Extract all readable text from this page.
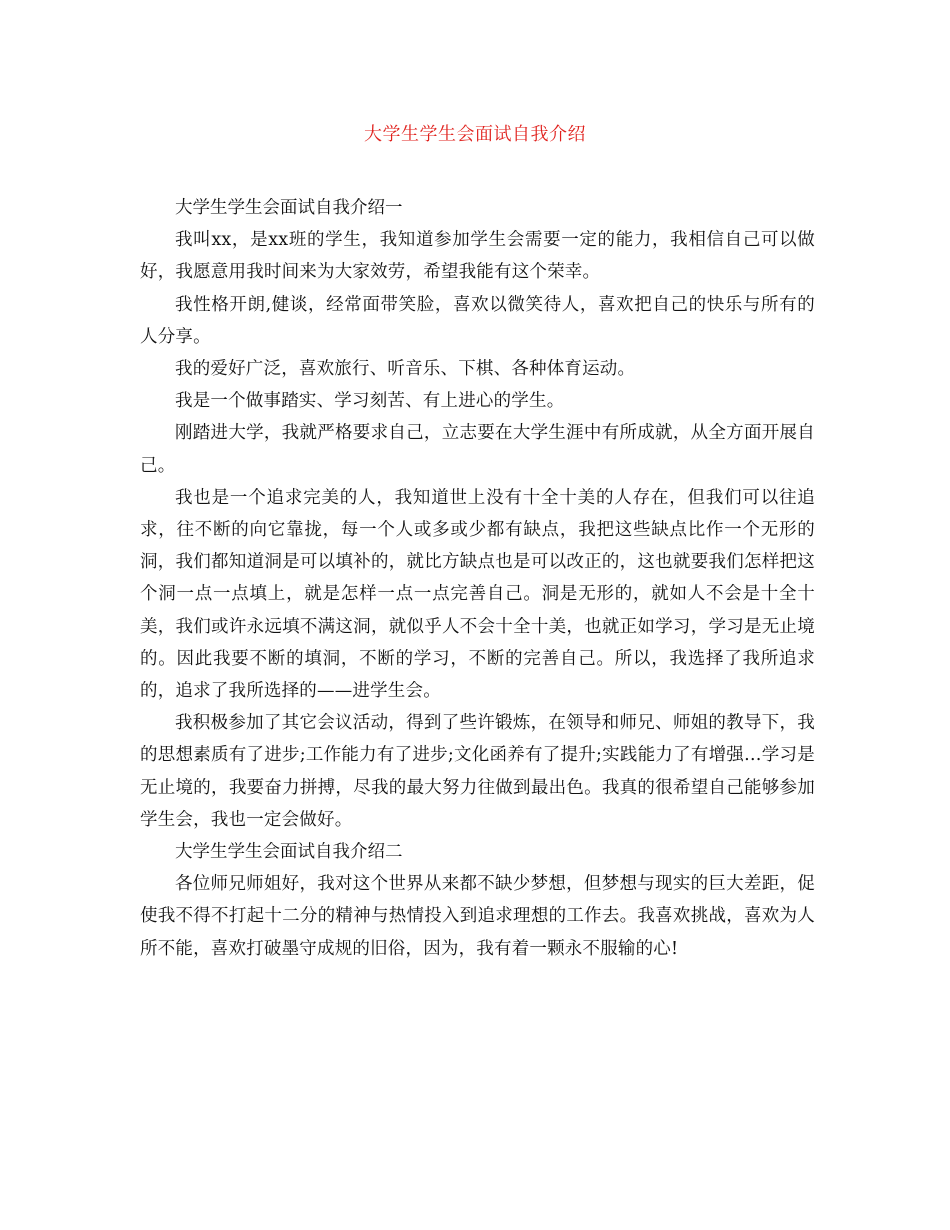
大学生学生会面试自我介绍

大学生学生会面试自我介绍一

我叫xx，是xx班的学生，我知道参加学生会需要一定的能力，我相信自己可以做好，我愿意用我时间来为大家效劳，希望我能有这个荣幸。

我性格开朗,健谈，经常面带笑脸，喜欢以微笑待人，喜欢把自己的快乐与所有的人分享。

我的爱好广泛，喜欢旅行、听音乐、下棋、各种体育运动。

我是一个做事踏实、学习刻苦、有上进心的学生。

刚踏进大学，我就严格要求自己，立志要在大学生涯中有所成就，从全方面开展自己。

我也是一个追求完美的人，我知道世上没有十全十美的人存在，但我们可以往追求，往不断的向它靠拢，每一个人或多或少都有缺点，我把这些缺点比作一个无形的洞，我们都知道洞是可以填补的，就比方缺点也是可以改正的，这也就要我们怎样把这个洞一点一点填上，就是怎样一点一点完善自己。洞是无形的，就如人不会是十全十美，我们或许永远填不满这洞，就似乎人不会十全十美，也就正如学习，学习是无止境的。因此我要不断的填洞，不断的学习，不断的完善自己。所以，我选择了我所追求的，追求了我所选择的——进学生会。

我积极参加了其它会议活动，得到了些许锻炼，在领导和师兄、师姐的教导下，我的思想素质有了进步;工作能力有了进步;文化函养有了提升;实践能力了有增强…学习是无止境的，我要奋力拼搏，尽我的最大努力往做到最出色。我真的很希望自己能够参加学生会，我也一定会做好。

大学生学生会面试自我介绍二

各位师兄师姐好，我对这个世界从来都不缺少梦想，但梦想与现实的巨大差距，促使我不得不打起十二分的精神与热情投入到追求理想的工作去。我喜欢挑战，喜欢为人所不能，喜欢打破墨守成规的旧俗，因为，我有着一颗永不服输的心!
